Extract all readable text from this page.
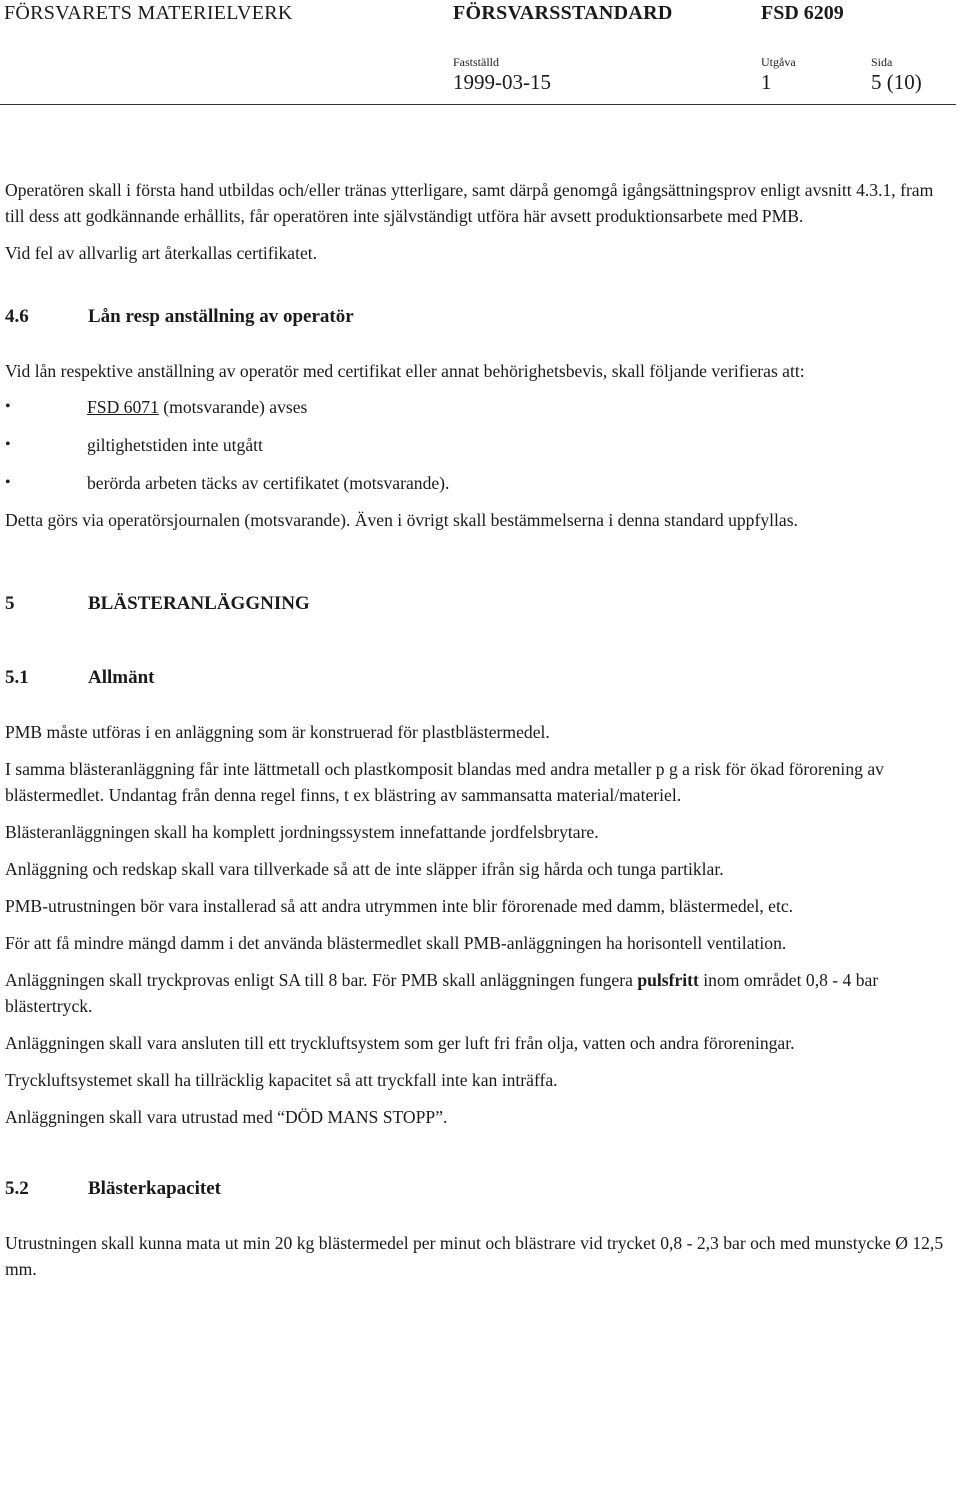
FÖRSVARETS MATERIELVERK	FÖRSVARSSTANDARD	FSD 6209
Fastställd	Utgåva	Sida
1999-03-15	1	5 (10)

Operatören skall i första hand utbildas och/eller tränas ytterligare, samt därpå genomgå igångsättningsprov enligt avsnitt 4.3.1, fram till dess att godkännande erhållits, får operatören inte självständigt utföra här avsett produktionsarbete med PMB.

Vid fel av allvarlig art återkallas certifikatet.

4.6	Lån resp anställning av operatör

Vid lån respektive anställning av operatör med certifikat eller annat behörighetsbevis, skall följande verifieras att:

•	FSD 6071 (motsvarande) avses
•	giltighetstiden inte utgått
•	berörda arbeten täcks av certifikatet (motsvarande).

Detta görs via operatörsjournalen (motsvarande). Även i övrigt skall bestämmelserna i denna standard uppfyllas.

5	BLÄSTERANLÄGGNING
5.1	Allmänt

PMB måste utföras i en anläggning som är konstruerad för plastblästermedel.

I samma blästeranläggning får inte lättmetall och plastkomposit blandas med andra metaller p g a risk för ökad förorening av blästermedlet. Undantag från denna regel finns, t ex blästring av sammansatta material/materiel.

Blästeranläggningen skall ha komplett jordningssystem innefattande jordfelsbrytare.

Anläggning och redskap skall vara tillverkade så att de inte släpper ifrån sig hårda och tunga partiklar.

PMB-utrustningen bör vara installerad så att andra utrymmen inte blir förorenade med damm, blästermedel, etc.

För att få mindre mängd damm i det använda blästermedlet skall PMB-anläggningen ha horisontell ventilation.

Anläggningen skall tryckprovas enligt SA till 8 bar. För PMB skall anläggningen fungera pulsfritt inom området 0,8 - 4 bar blästertryck.

Anläggningen skall vara ansluten till ett tryckluftsystem som ger luft fri från olja, vatten och andra föroreningar.

Tryckluftsystemet skall ha tillräcklig kapacitet så att tryckfall inte kan inträffa.

Anläggningen skall vara utrustad med “DÖD MANS STOPP”.

5.2	Blästerkapacitet

Utrustningen skall kunna mata ut min 20 kg blästermedel per minut och blästrare vid trycket 0,8 - 2,3 bar och med munstycke Ø 12,5 mm.
